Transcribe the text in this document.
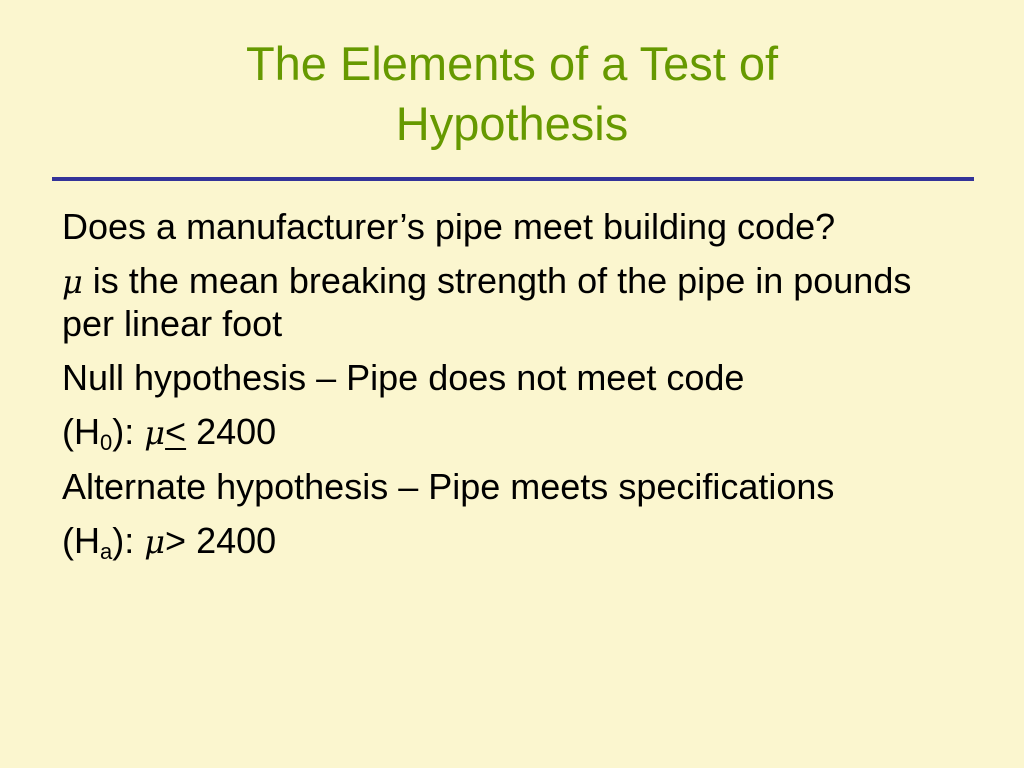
The Elements of a Test of
Hypothesis

Does a manufacturer’s pipe meet building code?

μ is the mean breaking strength of the pipe in pounds per linear foot

Null hypothesis – Pipe does not meet code

$(H_0)$: μ< 2400

Alternate hypothesis – Pipe meets specifications

$(H_a)$: μ> 2400
